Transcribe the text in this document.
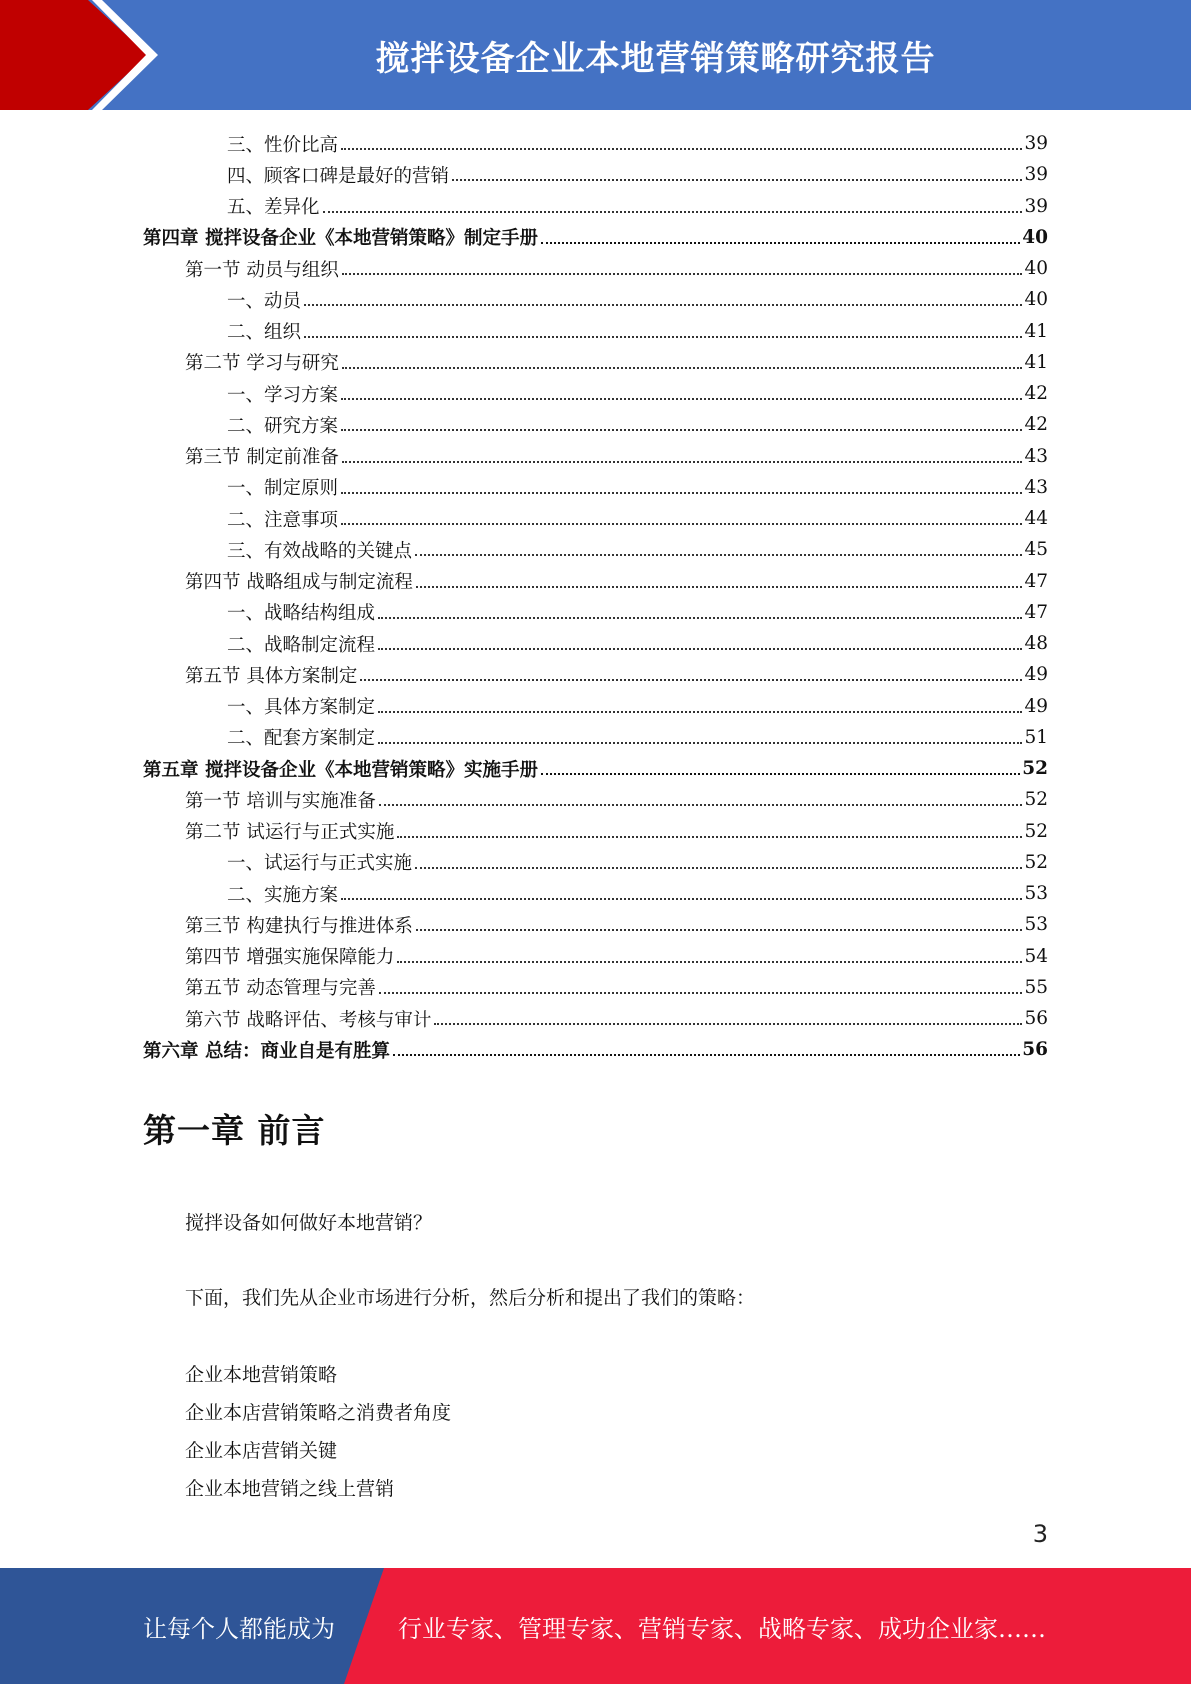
搅拌设备企业本地营销策略研究报告
三、性价比高	39
四、顾客口碑是最好的营销	39
五、差异化	39
第四章 搅拌设备企业《本地营销策略》制定手册	40
第一节 动员与组织	40
一、动员	40
二、组织	41
第二节 学习与研究	41
一、学习方案	42
二、研究方案	42
第三节 制定前准备	43
一、制定原则	43
二、注意事项	44
三、有效战略的关键点	45
第四节 战略组成与制定流程	47
一、战略结构组成	47
二、战略制定流程	48
第五节 具体方案制定	49
一、具体方案制定	49
二、配套方案制定	51
第五章 搅拌设备企业《本地营销策略》实施手册	52
第一节 培训与实施准备	52
第二节 试运行与正式实施	52
一、试运行与正式实施	52
二、实施方案	53
第三节 构建执行与推进体系	53
第四节 增强实施保障能力	54
第五节 动态管理与完善	55
第六节 战略评估、考核与审计	56
第六章 总结：商业自是有胜算	56
第一章 前言

搅拌设备如何做好本地营销？

下面，我们先从企业市场进行分析，然后分析和提出了我们的策略：

企业本地营销策略
企业本店营销策略之消费者角度
企业本店营销关键
企业本地营销之线上营销
3
让每个人都能成为	行业专家、管理专家、营销专家、战略专家、成功企业家……
